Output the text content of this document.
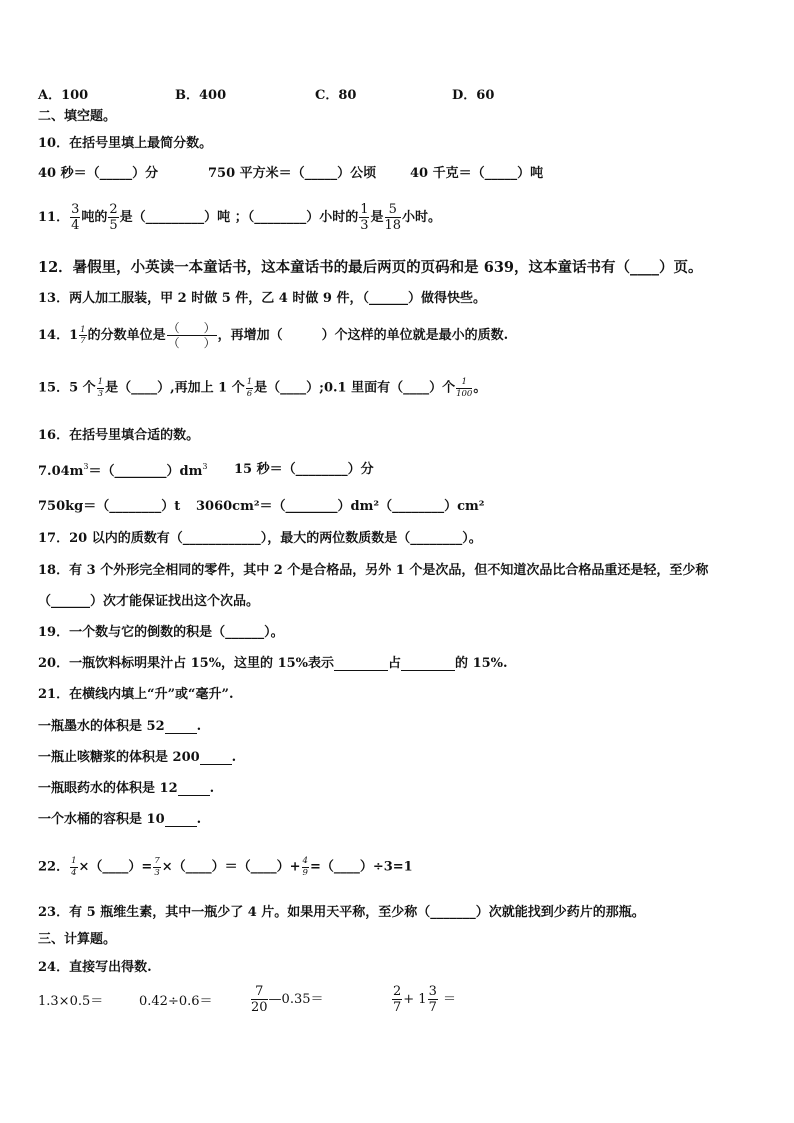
A．100	B．400	C．80	D．60
二、填空题。
10．在括号里填上最简分数。
40 秒＝（_____）分	750 平方米＝（_____）公顷	40 千克＝（_____）吨
11． $\frac{3}{4}$ 吨的 $\frac{2}{5}$ 是（_________）吨 ；（________）小时的 $\frac{1}{3}$ 是 $\frac{5}{18}$ 小时。
12．暑假里，小英读一本童话书，这本童话书的最后两页的页码和是 639，这本童话书有（____）页。
13．两人加工服装，甲 2 时做 5 件，乙 4 时做 9 件，（______）做得快些。
14．$1 \frac{1}{7}$ 的分数单位是 $\frac{( )}{( )}$ ，再增加（　　　）个这样的单位就是最小的质数.
15．5 个 $\frac{1}{3}$ 是（____）,再加上 1 个 $\frac{1}{6}$ 是（____）;0.1 里面有（____）个 $\frac{1}{100}$ 。
16．在括号里填合适的数。
$7.04m^3=(\_\_\_\_\_\_\_\_)dm^3$ 15 秒＝（________）分
750kg＝（________）t 3060cm²＝（________）dm²（________）cm²
17．20 以内的质数有（____________），最大的两位数质数是（________）。
18．有 3 个外形完全相同的零件，其中 2 个是合格品，另外 1 个是次品，但不知道次品比合格品重还是轻，至少称
（______）次才能保证找出这个次品。
19．一个数与它的倒数的积是（______）。
20．一瓶饮料标明果汁占 15%，这里的 15%表示	占	的 15%.
21．在横线内填上“升”或“毫升”.
一瓶墨水的体积是 52 .
一瓶止咳糖浆的体积是 200 .
一瓶眼药水的体积是 12 .
一个水桶的容积是 10 .
22． $\frac{1}{4}$ ×（____）= $\frac{7}{3}$ ×（____）＝（____）+ $\frac{4}{9}$ =（____）÷3=1
23．有 5 瓶维生素，其中一瓶少了 4 片。如果用天平称，至少称（_______）次就能找到少药片的那瓶。
三、计算题。
24．直接写出得数.
1.3×0.5＝	0.42÷0.6＝	$\frac{7}{20}$ —0.35＝	$\frac{2}{7} + 1 \frac{3}{7}$ ＝
